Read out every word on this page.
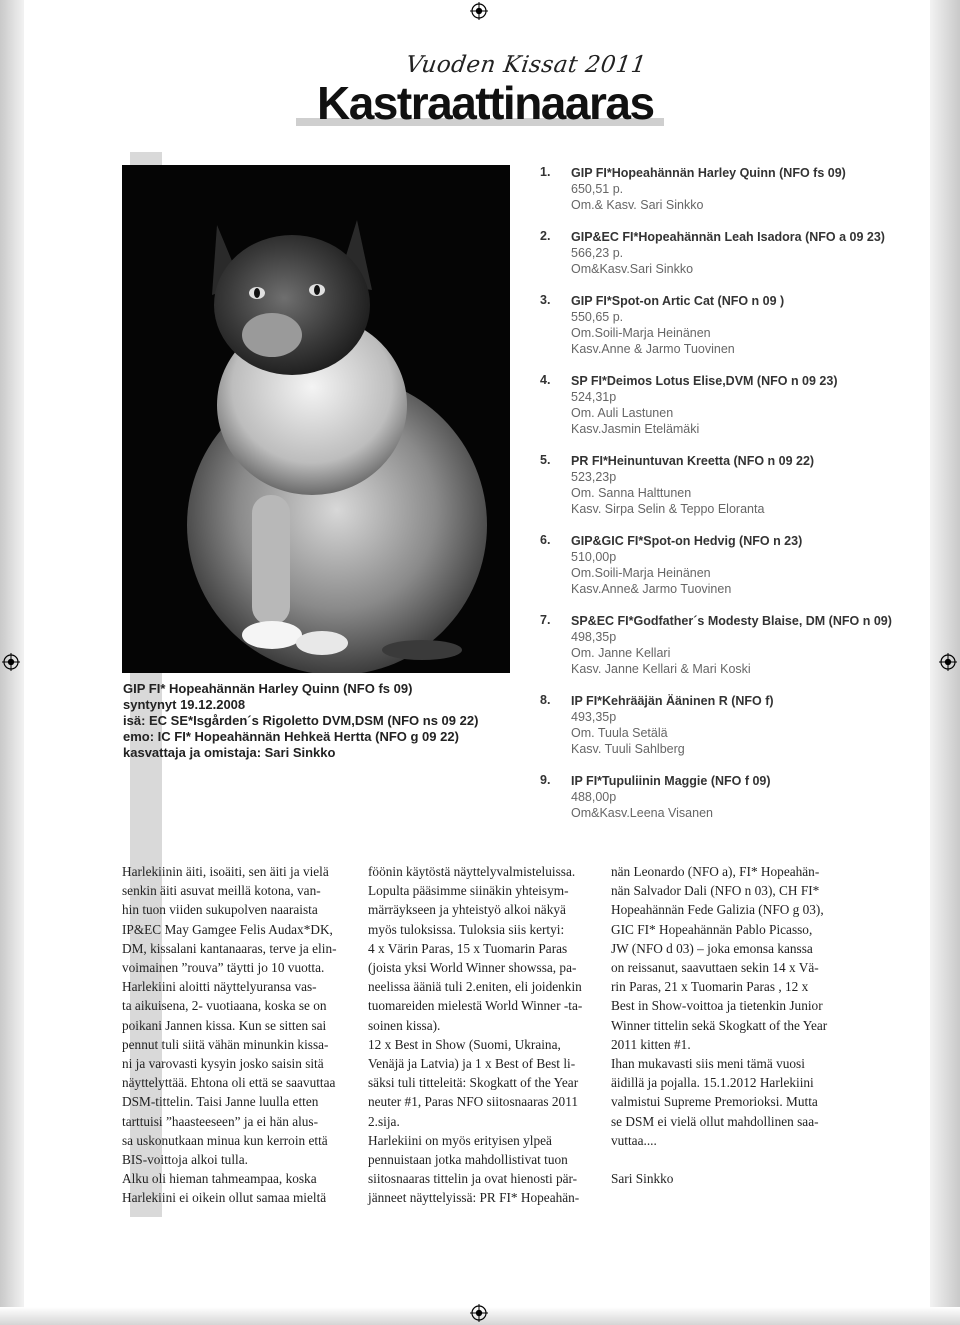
Vuoden Kissat 2011
Kastraattinaaras
GIP FI* Hopeahännän Harley Quinn (NFO fs 09)
syntynyt 19.12.2008
isä: EC SE*Isgården´s Rigoletto DVM,DSM (NFO ns 09 22)
emo: IC FI* Hopeahännän Hehkeä Hertta (NFO g 09 22)
kasvattaja ja omistaja: Sari Sinkko
1. GIP FI*Hopeahännän Harley Quinn (NFO fs 09)
650,51 p.
Om.& Kasv. Sari Sinkko
2. GIP&EC FI*Hopeahännän Leah Isadora (NFO a 09 23)
566,23 p.
Om&Kasv.Sari Sinkko
3. GIP FI*Spot-on Artic Cat (NFO n 09 )
550,65 p.
Om.Soili-Marja Heinänen
Kasv.Anne & Jarmo Tuovinen
4. SP FI*Deimos Lotus Elise,DVM (NFO n 09 23)
524,31p
Om. Auli Lastunen
Kasv.Jasmin Etelämäki
5. PR FI*Heinuntuvan Kreetta (NFO n 09 22)
523,23p
Om. Sanna Halttunen
Kasv. Sirpa Selin & Teppo Eloranta
6. GIP&GIC FI*Spot-on Hedvig (NFO n 23)
510,00p
Om.Soili-Marja Heinänen
Kasv.Anne& Jarmo Tuovinen
7. SP&EC FI*Godfather´s Modesty Blaise, DM (NFO n 09)
498,35p
Om. Janne Kellari
Kasv. Janne Kellari & Mari Koski
8. IP FI*Kehrääjän Ääninen R (NFO f)
493,35p
Om. Tuula Setälä
Kasv. Tuuli Sahlberg
9. IP FI*Tupuliinin Maggie (NFO f 09)
488,00p
Om&Kasv.Leena Visanen
Harlekiinin äiti, isoäiti, sen äiti ja vielä
senkin äiti asuvat meillä kotona, van-
hin tuon viiden sukupolven naaraista
IP&EC May Gamgee Felis Audax*DK,
DM, kissalani kantanaaras, terve ja elin-
voimainen ”rouva” täytti jo 10 vuotta.
Harlekiini aloitti näyttelyuransa vas-
ta aikuisena, 2- vuotiaana, koska se on
poikani Jannen kissa. Kun se sitten sai
pennut tuli siitä vähän minunkin kissa-
ni ja varovasti kysyin josko saisin sitä
näyttelyttää. Ehtona oli että se saavuttaa
DSM-tittelin. Taisi Janne luulla etten
tarttuisi ”haasteeseen” ja ei hän alus-
sa uskonutkaan minua kun kerroin että
BIS-voittoja alkoi tulla.
Alku oli hieman tahmeampaa, koska
Harlekiini ei oikein ollut samaa mieltä
föönin käytöstä näyttelyvalmisteluissa.
Lopulta pääsimme siinäkin yhteisym-
märräykseen ja yhteistyö alkoi näkyä
myös tuloksissa. Tuloksia siis kertyi:
4 x Värin Paras, 15 x Tuomarin Paras
(joista yksi World Winner showssa, pa-
neelissa ääniä tuli 2.eniten, eli joidenkin
tuomareiden mielestä World Winner -ta-
soinen kissa).
12 x Best in Show (Suomi, Ukraina,
Venäjä ja Latvia) ja 1 x Best of Best li-
säksi tuli titteleitä: Skogkatt of the Year
neuter #1, Paras NFO siitosnaaras 2011
2.sija.
Harlekiini on myös erityisen ylpeä
pennuistaan jotka mahdollistivat tuon
siitosnaaras tittelin ja ovat hienosti pär-
jänneet näyttelyissä: PR FI* Hopeahän-
nän Leonardo (NFO a), FI* Hopeahän-
nän Salvador Dali (NFO n 03), CH FI*
Hopeahännän Fede Galizia (NFO g 03),
GIC FI* Hopeahännän Pablo Picasso,
JW (NFO d 03) – joka emonsa kanssa
on reissanut, saavuttaen sekin 14 x Vä-
rin Paras, 21 x Tuomarin Paras , 12 x
Best in Show-voittoa ja tietenkin Junior
Winner tittelin sekä Skogkatt of the Year
2011 kitten #1.
Ihan mukavasti siis meni tämä vuosi
äidillä ja pojalla. 15.1.2012 Harlekiini
valmistui Supreme Premorioksi. Mutta
se DSM ei vielä ollut mahdollinen saa-
vuttaa....
Sari Sinkko
